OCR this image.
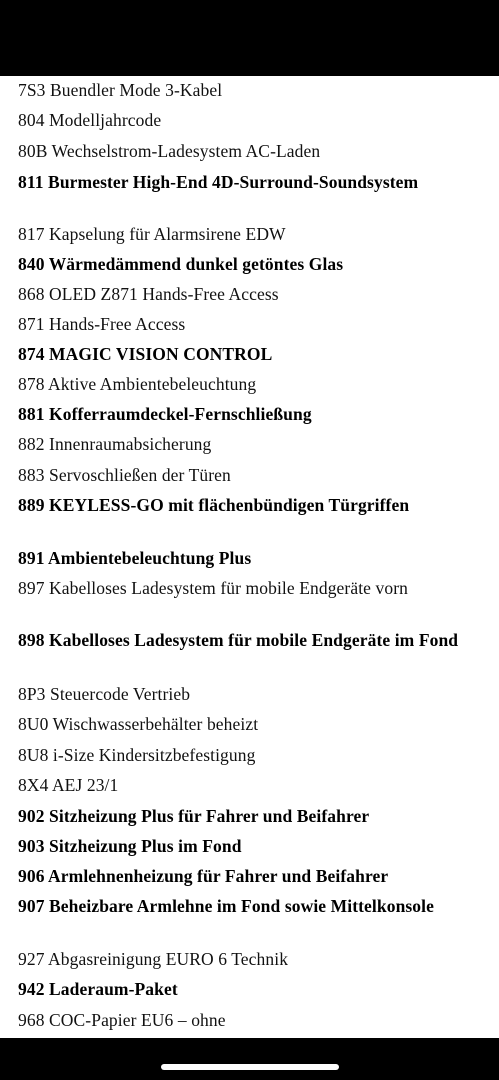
7S3 Buendler Mode 3-Kabel
804 Modelljahrcode
80B Wechselstrom-Ladesystem AC-Laden
811 Burmester High-End 4D-Surround-Soundsystem
817 Kapselung für Alarmsirene EDW
840 Wärmedämmend dunkel getöntes Glas
868 OLED Z871 Hands-Free Access
871 Hands-Free Access
874 MAGIC VISION CONTROL
878 Aktive Ambientebeleuchtung
881 Kofferraumdeckel-Fernschließung
882 Innenraumabsicherung
883 Servoschließen der Türen
889 KEYLESS-GO mit flächenbündigen Türgriffen
891 Ambientebeleuchtung Plus
897 Kabelloses Ladesystem für mobile Endgeräte vorn
898 Kabelloses Ladesystem für mobile Endgeräte im Fond
8P3 Steuercode Vertrieb
8U0 Wischwasserbehälter beheizt
8U8 i-Size Kindersitzbefestigung
8X4 AEJ 23/1
902 Sitzheizung Plus für Fahrer und Beifahrer
903 Sitzheizung Plus im Fond
906 Armlehnenheizung für Fahrer und Beifahrer
907 Beheizbare Armlehne im Fond sowie Mittelkonsole
927 Abgasreinigung EURO 6 Technik
942 Laderaum-Paket
968 COC-Papier EU6 – ohne
